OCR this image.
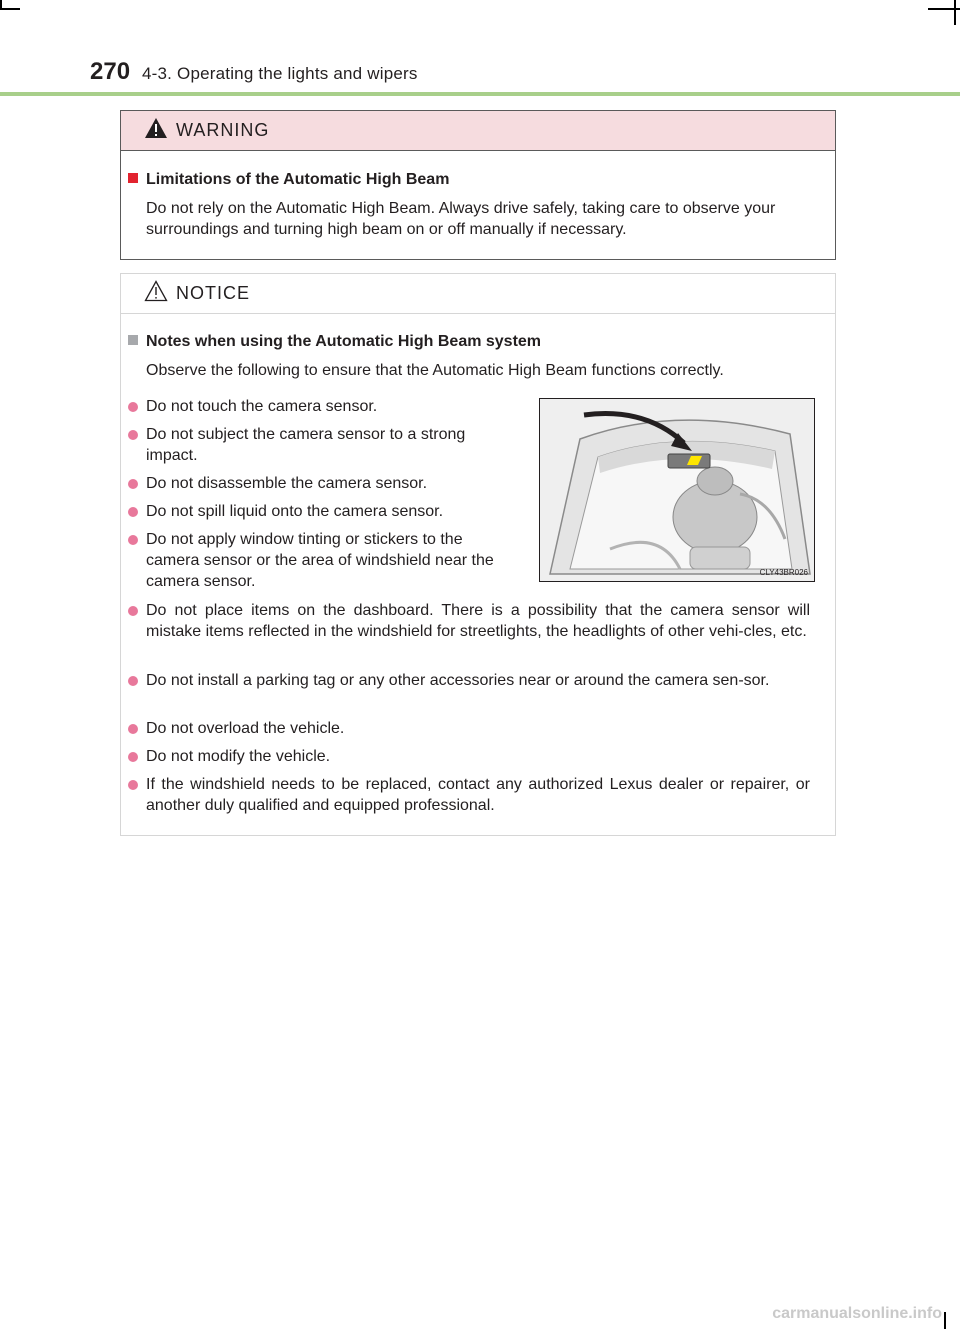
270 4-3. Operating the lights and wipers
WARNING
Limitations of the Automatic High Beam
Do not rely on the Automatic High Beam. Always drive safely, taking care to observe your surroundings and turning high beam on or off manually if necessary.
NOTICE
Notes when using the Automatic High Beam system
Observe the following to ensure that the Automatic High Beam functions correctly.
Do not touch the camera sensor.
Do not subject the camera sensor to a strong impact.
Do not disassemble the camera sensor.
Do not spill liquid onto the camera sensor.
Do not apply window tinting or stickers to the camera sensor or the area of windshield near the camera sensor.
CLY43BR026
Do not place items on the dashboard. There is a possibility that the camera sensor will mistake items reflected in the windshield for streetlights, the headlights of other vehi-cles, etc.
Do not install a parking tag or any other accessories near or around the camera sen-sor.
Do not overload the vehicle.
Do not modify the vehicle.
If the windshield needs to be replaced, contact any authorized Lexus dealer or repairer, or another duly qualified and equipped professional.
carmanualsonline.info
